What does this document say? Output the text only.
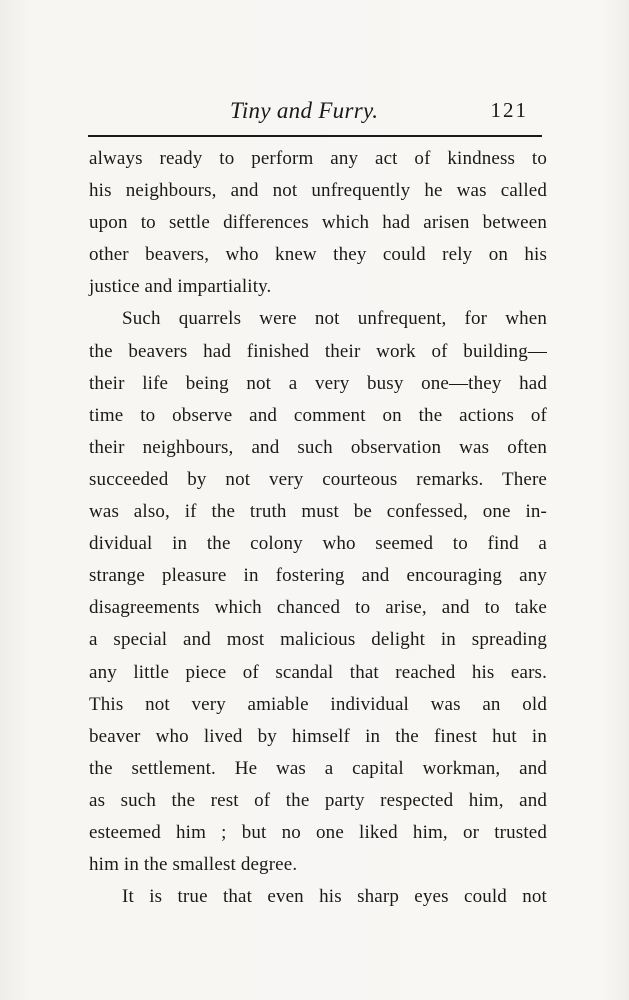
Tiny and Furry.	121
always ready to perform any act of kindness to
his neighbours, and not unfrequently he was called
upon to settle differences which had arisen between
other beavers, who knew they could rely on his
justice and impartiality.
Such quarrels were not unfrequent, for when
the beavers had finished their work of building—
their life being not a very busy one—they had
time to observe and comment on the actions of
their neighbours, and such observation was often
succeeded by not very courteous remarks. There
was also, if the truth must be confessed, one in-
dividual in the colony who seemed to find a
strange pleasure in fostering and encouraging any
disagreements which chanced to arise, and to take
a special and most malicious delight in spreading
any little piece of scandal that reached his ears.
This not very amiable individual was an old
beaver who lived by himself in the finest hut in
the settlement. He was a capital workman, and
as such the rest of the party respected him, and
esteemed him ; but no one liked him, or trusted
him in the smallest degree.
It is true that even his sharp eyes could not
